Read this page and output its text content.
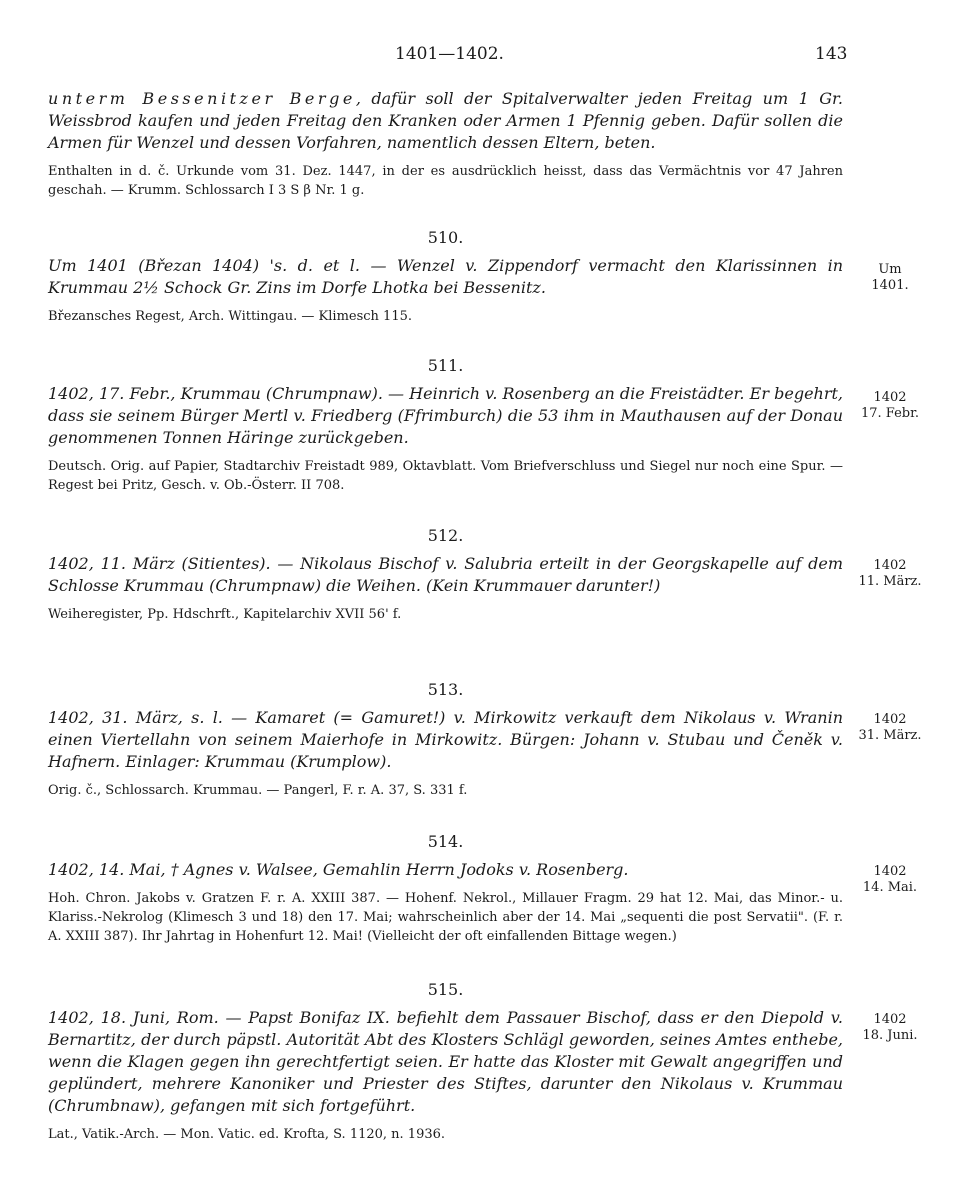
1401—1402.	143
unterm Bessenitzer Berge, dafür soll der Spitalverwalter jeden Freitag um 1 Gr. Weissbrod kaufen und jeden Freitag den Kranken oder Armen 1 Pfennig geben. Dafür sollen die Armen für Wenzel und dessen Vorfahren, namentlich dessen Eltern, beten.
Enthalten in d. č. Urkunde vom 31. Dez. 1447, in der es ausdrücklich heisst, dass das Vermächtnis vor 47 Jahren geschah. — Krumm. Schlossarch I 3 S β Nr. 1 g.
510.
Um 1401 (Březan 1404) 's. d. et l. — Wenzel v. Zippendorf vermacht den Klarissinnen in Krummau 2½ Schock Gr. Zins im Dorfe Lhotka bei Bessenitz.
Březansches Regest, Arch. Wittingau. — Klimesch 115.
Um
1401.
511.
1402, 17. Febr., Krummau (Chrumpnaw). — Heinrich v. Rosenberg an die Freistädter. Er begehrt, dass sie seinem Bürger Mertl v. Friedberg (Ffrimburch) die 53 ihm in Mauthausen auf der Donau genommenen Tonnen Häringe zurückgeben.
Deutsch. Orig. auf Papier, Stadtarchiv Freistadt 989, Oktavblatt. Vom Briefverschluss und Siegel nur noch eine Spur. — Regest bei Pritz, Gesch. v. Ob.-Österr. II 708.
1402
17. Febr.
512.
1402, 11. März (Sitientes). — Nikolaus Bischof v. Salubria erteilt in der Georgskapelle auf dem Schlosse Krummau (Chrumpnaw) die Weihen. (Kein Krummauer darunter!)
Weiheregister, Pp. Hdschrft., Kapitelarchiv XVII 56' f.
1402
11. März.
513.
1402, 31. März, s. l. — Kamaret (= Gamuret!) v. Mirkowitz verkauft dem Nikolaus v. Wranin einen Viertellahn von seinem Maierhofe in Mirkowitz. Bürgen: Johann v. Stubau und Čeněk v. Hafnern. Einlager: Krummau (Krumplow).
Orig. č., Schlossarch. Krummau. — Pangerl, F. r. A. 37, S. 331 f.
1402
31. März.
514.
1402, 14. Mai, † Agnes v. Walsee, Gemahlin Herrn Jodoks v. Rosenberg.
Hoh. Chron. Jakobs v. Gratzen F. r. A. XXIII 387. — Hohenf. Nekrol., Millauer Fragm. 29 hat 12. Mai, das Minor.- u. Klariss.-Nekrolog (Klimesch 3 und 18) den 17. Mai; wahrscheinlich aber der 14. Mai „sequenti die post Servatii". (F. r. A. XXIII 387). Ihr Jahrtag in Hohenfurt 12. Mai! (Vielleicht der oft einfallenden Bittage wegen.)
1402
14. Mai.
515.
1402, 18. Juni, Rom. — Papst Bonifaz IX. befiehlt dem Passauer Bischof, dass er den Diepold v. Bernartitz, der durch päpstl. Autorität Abt des Klosters Schlägl geworden, seines Amtes enthebe, wenn die Klagen gegen ihn gerechtfertigt seien. Er hatte das Kloster mit Gewalt angegriffen und geplündert, mehrere Kanoniker und Priester des Stiftes, darunter den Nikolaus v. Krummau (Chrumbnaw), gefangen mit sich fortgeführt.
Lat., Vatik.-Arch. — Mon. Vatic. ed. Krofta, S. 1120, n. 1936.
1402
18. Juni.
